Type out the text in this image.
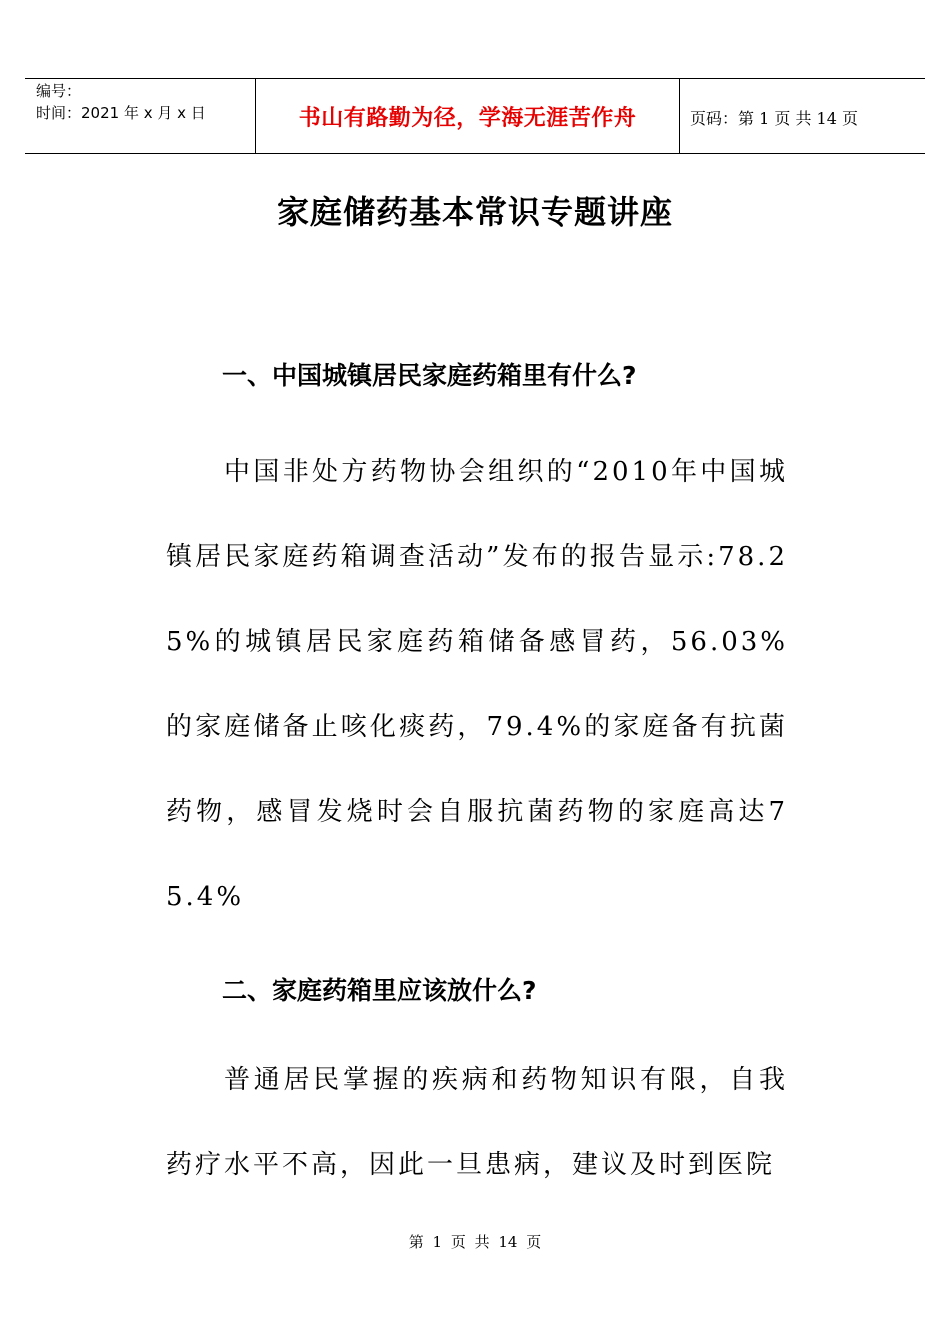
编号：
时间：2021 年 x 月 x 日	书山有路勤为径，学海无涯苦作舟	页码：第 1 页 共 14 页
家庭储药基本常识专题讲座
一、中国城镇居民家庭药箱里有什么?

中国非处方药物协会组织的“2010年中国城镇居民家庭药箱调查活动”发布的报告显示:78.25%的城镇居民家庭药箱储备感冒药，56.03%的家庭储备止咳化痰药，79.4%的家庭备有抗菌药物，感冒发烧时会自服抗菌药物的家庭高达75.4%

二、家庭药箱里应该放什么?

普通居民掌握的疾病和药物知识有限，自我药疗水平不高，因此一旦患病，建议及时到医院

第 1 页 共 14 页
